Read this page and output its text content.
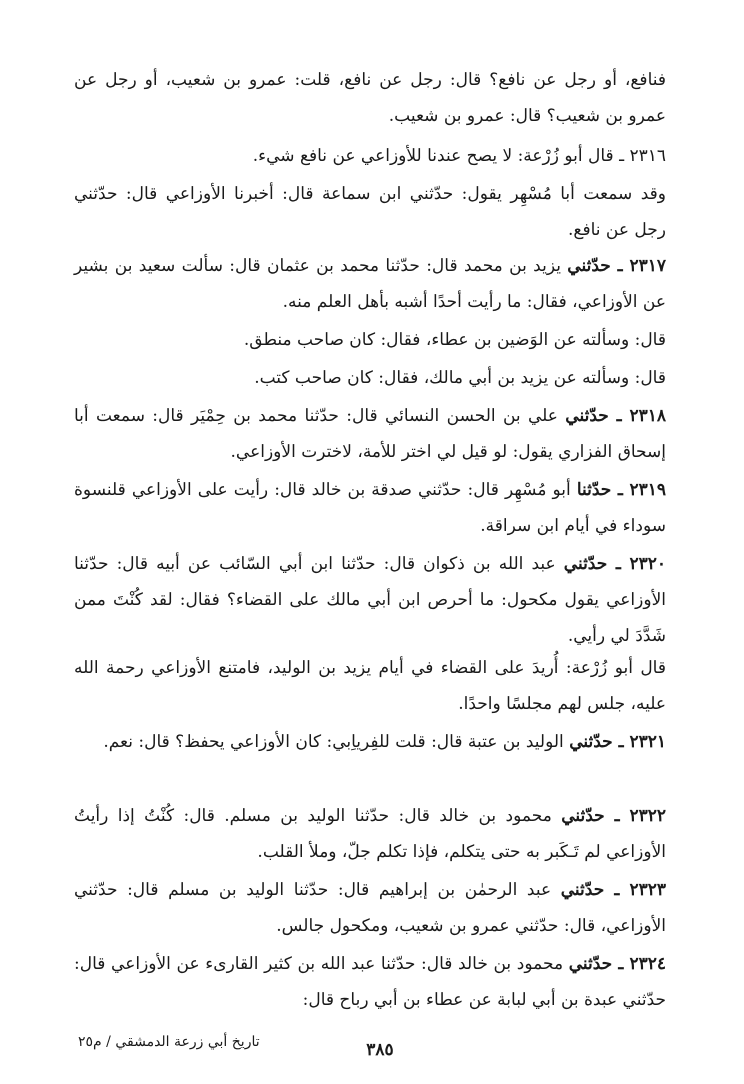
فنافع، أو رجل عن نافع؟ قال: رجل عن نافع، قلت: عمرو بن شعيب، أو رجل عن عمرو بن شعيب؟ قال: عمرو بن شعيب.
٢٣١٦ ـ قال أبو زُرْعة: لا يصح عندنا للأوزاعي عن نافع شيء.
وقد سمعت أبا مُسْهِر يقول: حدّثني ابن سماعة قال: أخبرنا الأوزاعي قال: حدّثني رجل عن نافع.
٢٣١٧ ـ حدّثني يزيد بن محمد قال: حدّثنا محمد بن عثمان قال: سألت سعيد بن بشير عن الأوزاعي، فقال: ما رأيت أحدًا أشبه بأهل العلم منه.
قال: وسألته عن الوَضين بن عطاء، فقال: كان صاحب منطق.
قال: وسألته عن يزيد بن أبي مالك، فقال: كان صاحب كتب.
٢٣١٨ ـ حدّثني علي بن الحسن النسائي قال: حدّثنا محمد بن حِمْيَر قال: سمعت أبا إسحاق الفزاري يقول: لو قيل لي اختر للأمة، لاخترت الأوزاعي.
٢٣١٩ ـ حدّثنا أبو مُسْهِر قال: حدّثني صدقة بن خالد قال: رأيت على الأوزاعي قلنسوة سوداء في أيام ابن سراقة.
٢٣٢٠ ـ حدّثني عبد الله بن ذكوان قال: حدّثنا ابن أبي السّائب عن أبيه قال: حدّثنا الأوزاعي يقول مكحول: ما أحرص ابن أبي مالك على القضاء؟ فقال: لقد كُنْتَ ممن شَدَّدَ لي رأيي.
قال أبو زُرْعة: أُريدَ على القضاء في أيام يزيد بن الوليد، فامتنع الأوزاعي رحمة الله عليه، جلس لهم مجلسًا واحدًا.
٢٣٢١ ـ حدّثني الوليد بن عتبة قال: قلت للفِرياِبي: كان الأوزاعي يحفظ؟ قال: نعم.
٢٣٢٢ ـ حدّثني محمود بن خالد قال: حدّثنا الوليد بن مسلم. قال: كُنْتُ إذا رأيتُ الأوزاعي لم تَـكَبر به حتى يتكلم، فإذا تكلم جلّ، وملأ القلب.
٢٣٢٣ ـ حدّثني عبد الرحمٰن بن إبراهيم قال: حدّثنا الوليد بن مسلم قال: حدّثني الأوزاعي، قال: حدّثني عمرو بن شعيب، ومكحول جالس.
٢٣٢٤ ـ حدّثني محمود بن خالد قال: حدّثنا عبد الله بن كثير القارىء عن الأوزاعي قال: حدّثني عبدة بن أبي لبابة عن عطاء بن أبي رباح قال:
تاريخ أبي زرعة الدمشقي / م٢٥	٣٨٥
